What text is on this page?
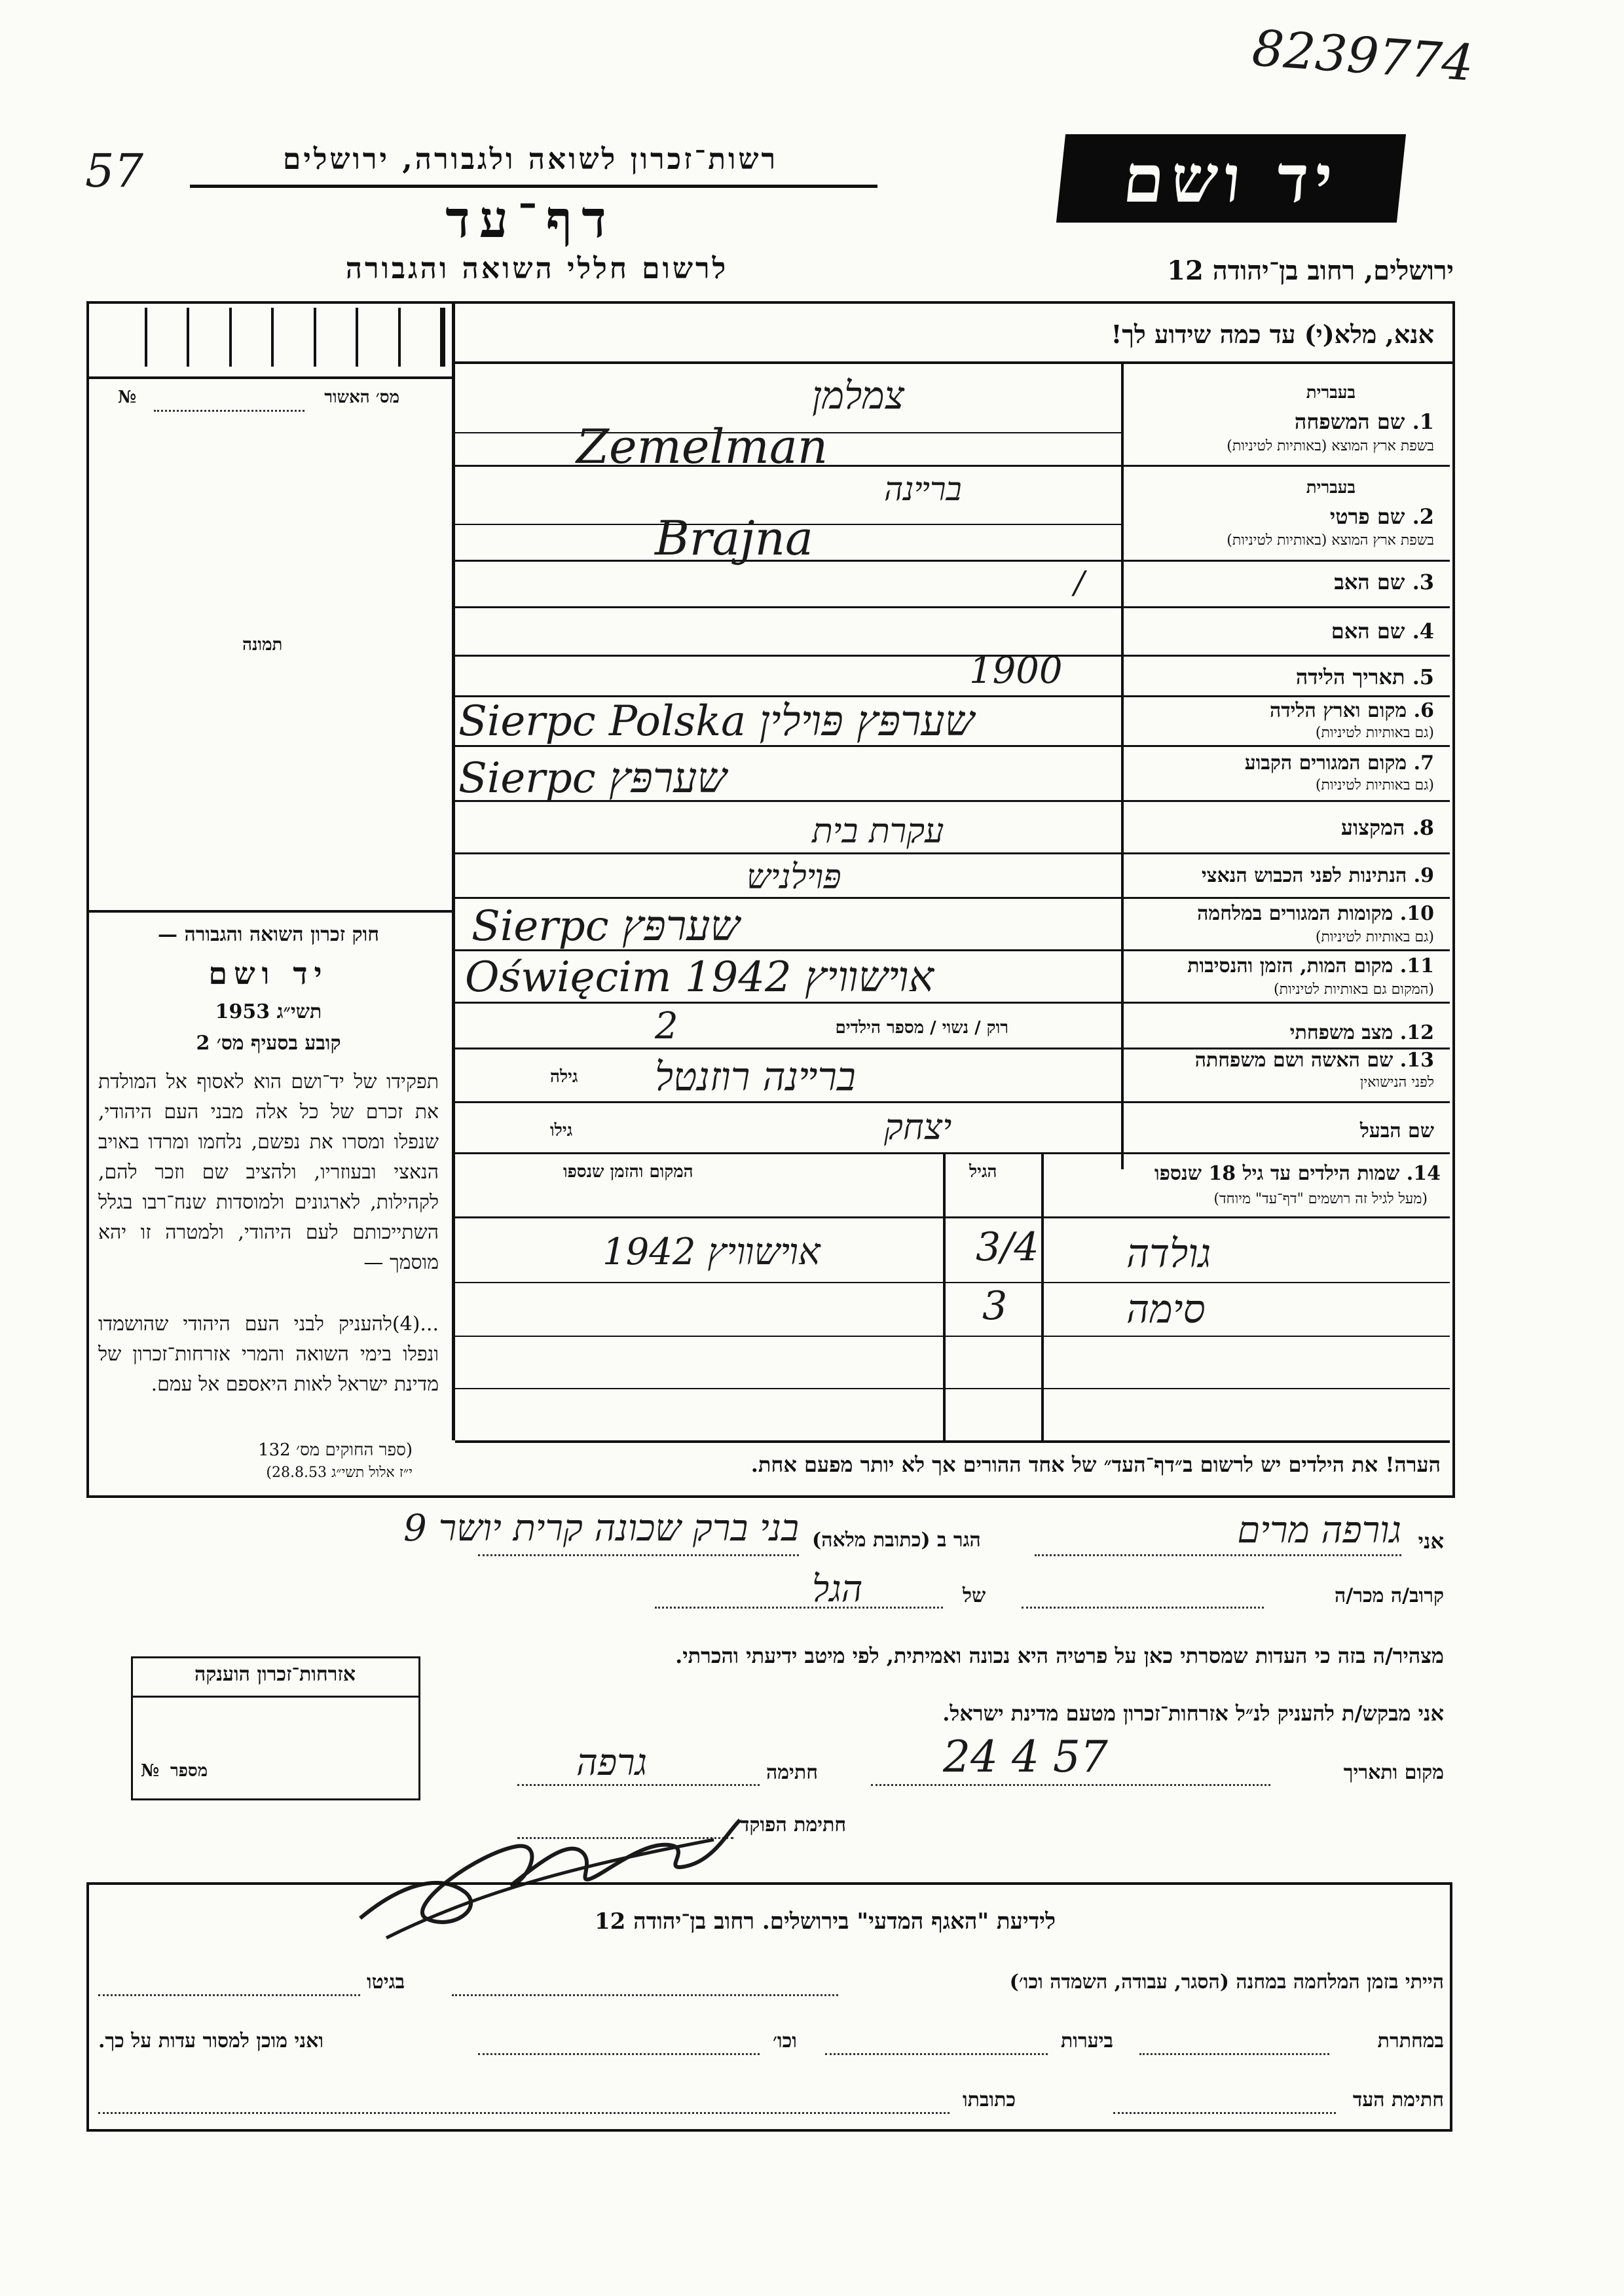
8239774
57	יד ושם
רשות־זכרון לשואה ולגבורה, ירושלים
דף־עד
לרשום חללי השואה והגבורה	ירושלים, רחוב בן־יהודה 12
אנא, מלא(י) עד כמה שידוע לך!
מס׳ האשור
№
תמונה
חוק זכרון השואה והגבורה —
יד ושם
תשי״ג 1953
קובע בסעיף מס׳ 2
תפקידו של יד־ושם הוא לאסוף אל המולדת את זכרם של כל אלה מבני העם היהודי, שנפלו ומסרו את נפשם, נלחמו ומרדו באויב הנאצי ובעוזריו, ולהציב שם וזכר להם, לקהילות, לארגונים ולמוסדות שנח־רבו בגלל השתייכותם לעם היהודי, ולמטרה זו יהא מוסמך —
...(4)להעניק לבני העם היהודי שהושמדו ונפלו בימי השואה והמרי אזרחות־זכרון של מדינת ישראל לאות היאספם אל עמם.
(ספר החוקים מס׳ 132
י״ז אלול תשי״ג 28.8.53)
בעברית
1. שם המשפחה
בשפת ארץ המוצא (באותיות לטיניות)
בעברית
2. שם פרטי
בשפת ארץ המוצא (באותיות לטיניות)
3. שם האב
4. שם האם
5. תאריך הלידה
6. מקום וארץ הלידה
(גם באותיות לטיניות)
7. מקום המגורים הקבוע
(גם באותיות לטיניות)
8. המקצוע
9. הנתינות לפני הכבוש הנאצי
10. מקומות המגורים במלחמה
(גם באותיות לטיניות)
11. מקום המות, הזמן והנסיבות
(המקום גם באותיות לטיניות)
12. מצב משפחתי
רוק / נשוי / מספר הילדים
13. שם האשה ושם משפחתה
לפני הנישואין
גילה
שם הבעל
גילו
צמלמן
Zemelman
ברײנה
Brajna
/
1900
Sierpc Polska שערפּץ פּױלין
Sierpc שערפּץ
עקרת בית
פּױלניש
Sierpc שערפּץ
Oświęcim אױשװיץ 1942
2
ברײנה רוזנטל
יצחק
14. שמות הילדים עד גיל 18 שנספו
(מעל לגיל זה רושמים "דף־עד" מיוחד)
הגיל
המקום והזמן שנספו
גולדה
3/4
אױשװיץ 1942
סימה
3
הערה! את הילדים יש לרשום ב״דף־העד״ של אחד ההורים אך לא יותר מפעם אחת.
אני
גורפה מרים
הגר ב (כתובת מלאה)
בני ברק שכונה קרית יושר 9
קרוב/ה מכר/ה
של
הגל
מצהיר/ה בזה כי העדות שמסרתי כאן על פרטיה היא נכונה ואמיתית, לפי מיטב ידיעתי והכרתי.
אני מבקש/ת להעניק לנ״ל אזרחות־זכרון מטעם מדינת ישראל.
מקום ותאריך
24 4 57
חתימה
גרפה
חתימת הפוקד
אזרחות־זכרון הוענקה
מספר
№
לידיעת "האגף המדעי" בירושלים. רחוב בן־יהודה 12
הייתי בזמן המלחמה במחנה (הסגר, עבודה, השמדה וכו׳)
בגיטו
במחתרת
ביערות
וכו׳
ואני מוכן למסור עדות על כך.
חתימת העד
כתובתו
